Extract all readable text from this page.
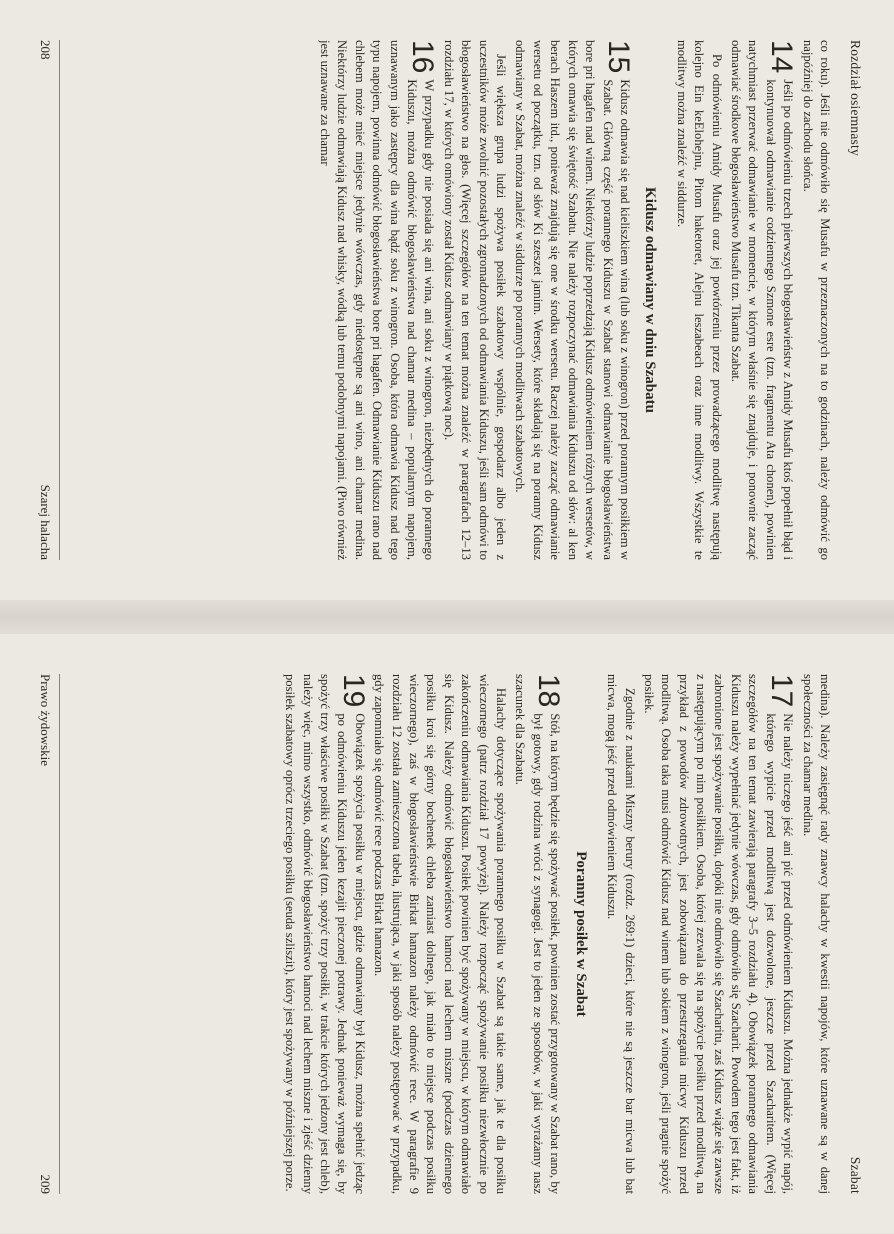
Rozdział osiemnasty

co roku). Jeśli nie odmówiło się Musafu w przeznaczonych na to godzinach, należy odmówić go najpóźniej do zachodu słońca.

14
Jeśli po odmówieniu trzech pierwszych błogosławieństw z Amidy Musafu ktoś popełnił błąd i kontynuował odmawianie codziennego Szmone esre (tzn. fragmentu Ata chonen), powinien natychmiast przerwać odmawianie w momencie, w którym właśnie się znajduje, i ponownie zacząć odmawiać środkowe błogosławieństwo Musafu tzn. Tikanta Szabat.

Po odmówieniu Amidy Musafu oraz jej powtórzeniu przez prowadzącego modlitwę następują kolejno Ein keElohejnu, Pitom haketoret, Alejnu leszabeach oraz inne modlitwy. Wszystkie te modlitwy można znaleźć w siddurze.

Kidusz odmawiany w dniu Szabatu

15
Kidusz odmawia się nad kieliszkiem wina (lub soku z winogron) przed porannym posiłkiem w Szabat. Główną część porannego Kiduszu w Szabat stanowi odmawianie błogosławieństwa bore pri hagafen nad winem. Niektórzy ludzie poprzedzają Kidusz odmówieniem różnych wersetów, w których omawia się świętość Szabatu. Nie należy rozpoczynać odmawiania Kiduszu od słów: al ken berach Haszem itd., ponieważ znajdują się one w środku wersetu. Raczej należy zacząć odmawianie wersetu od początku, tzn. od słów Ki szeszet jamim. Wersety, które składają się na poranny Kidusz odmawiany w Szabat, można znaleźć w siddurze po porannych modlitwach szabatowych.

Jeśli większa grupa ludzi spożywa posiłek szabatowy wspólnie, gospodarz albo jeden z uczestników może zwolnić pozostałych zgromadzonych od odmawiania Kiduszu, jeśli sam odmówi to błogosławieństwo na głos. (Więcej szczegółów na ten temat można znaleźć w paragrafach 12–13 rozdziału 17, w których omówiony został Kidusz odmawiany w piątkową noc).

16
W przypadku gdy nie posiada się ani wina, ani soku z winogron, niezbędnych do porannego Kiduszu, można odmówić błogosławieństwa nad chamar medina – popularnym napojem, uznawanym jako zastępcy dla wina bądź soku z winogron. Osoba, która odmawia Kidusz nad tego typu napojem, powinna odmówić błogosławieństwa bore pri hagafen. Odmawianie Kiduszu rano nad chlebem może mieć miejsce jedynie wówczas, gdy niedostępne są ani wino, ani chamar medina. Niektórzy ludzie odmawiają Kidusz nad whisky, wódką lub temu podobnymi napojami. (Piwo również jest uznawane za chamar

208
Szarej halacha
Szabat

medina). Należy zasięgnąć rady znawcy halachy w kwestii napojów, które uznawane są w danej społeczności za chamar medina.

17
Nie należy niczego jeść ani pić przed odmówieniem Kiduszu. Można jednakże wypić napój, którego wypicie przed modlitwą jest dozwolone, jeszcze przed Szacharitem. (Więcej szczegółów na ten temat zawierają paragrafy 3–5 rozdziału 4). Obowiązek porannego odmawiania Kiduszu należy wypełniać jedynie wówczas, gdy odmówiło się Szacharit. Powodem tego jest fakt, iż zabronione jest spożywanie posiłku, dopóki nie odmówiło się Szacharitu, zaś Kidusz wiąże się zawsze z następującym po nim posiłkiem. Osoba, której zezwala się na spożycie posiłku przed modlitwą, na przykład z powodów zdrowotnych, jest zobowiązana do przestrzegania micwy Kiduszu przed modlitwą. Osoba taka musi odmówić Kidusz nad winem lub sokiem z winogron, jeśli pragnie spożyć posiłek.

Zgodnie z naukami Miszny berury (rozdz. 269:1) dzieci, które nie są jeszcze bar micwa lub bat micwa, mogą jeść przed odmówieniem Kiduszu.

Poranny posiłek w Szabat

18
Stół, na którym będzie się spożywać posiłek, powinien zostać przygotowany w Szabat rano, by był gotowy, gdy rodzina wróci z synagogi. Jest to jeden ze sposobów, w jaki wyrażamy nasz szacunek dla Szabatu.

Halachy dotyczące spożywania porannego posiłku w Szabat są takie same, jak te dla posiłku wieczornego (patrz rozdział 17 powyżej). Należy rozpocząć spożywanie posiłku niezwłocznie po zakończeniu odmawiania Kiduszu. Posiłek powinien być spożywany w miejscu, w którym odmawiało się Kidusz. Należy odmówić błogosławieństwo hamoci nad lechem miszne (podczas dziennego posiłku kroi się górny bochenek chleba zamiast dolnego, jak miało to miejsce podczas posiłku wieczornego), zaś w błogosławieństwie Birkat hamazon należy odmówić rece. W paragrafie 9 rozdziału 12 została zamieszczona tabela, ilustrująca, w jaki sposób należy postępować w przypadku, gdy zapomniało się odmówić rece podczas Birkat hamazon.

19
Obowiązek spożycia posiłku w miejscu, gdzie odmawiany był Kidusz, można spełnić jedząc po odmówieniu Kiduszu jeden kezajit pieczonej potrawy. Jednak ponieważ wymaga się, by spożyć trzy właściwe posiłki w Szabat (tzn. spożyć trzy posiłki, w trakcie których jedzony jest chleb), należy więc, mimo wszystko, odmówić błogosławieństwo hamoci nad lechem miszne i zjeść dzienny posiłek szabatowy oprócz trzeciego posiłku (seuda szliszit), który jest spożywany w późniejszej porze.

Prawo żydowskie
209
